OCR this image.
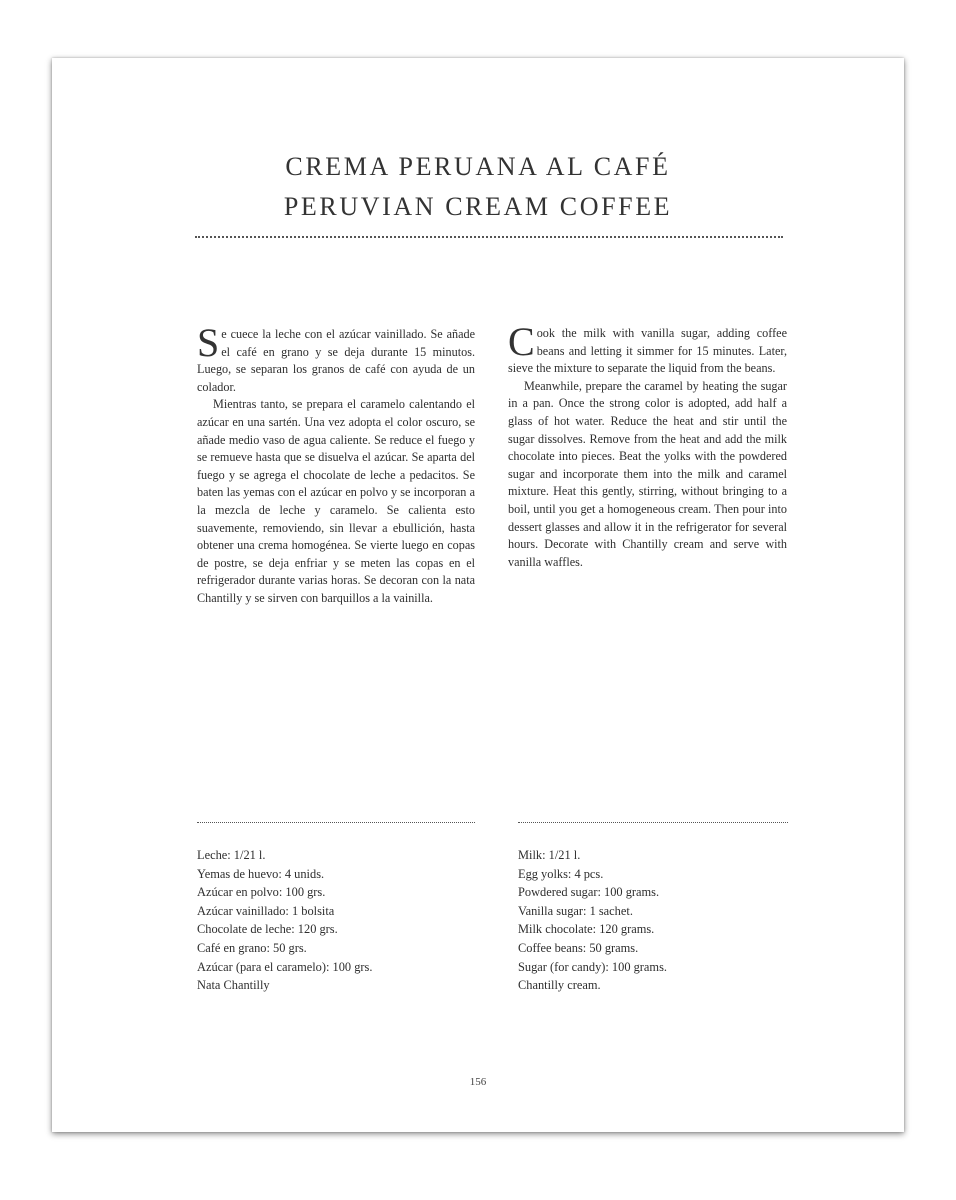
CREMA PERUANA AL CAFÉ
PERUVIAN CREAM COFFEE

Se cuece la leche con el azúcar vainillado. Se añade el café en grano y se deja durante 15 minutos. Luego, se separan los granos de café con ayuda de un colador.

Mientras tanto, se prepara el caramelo calentando el azúcar en una sartén. Una vez adopta el color oscuro, se añade medio vaso de agua caliente. Se reduce el fuego y se remueve hasta que se disuelva el azúcar. Se aparta del fuego y se agrega el chocolate de leche a pedacitos. Se baten las yemas con el azúcar en polvo y se incorporan a la mezcla de leche y caramelo. Se calienta esto suavemente, removiendo, sin llevar a ebullición, hasta obtener una crema homogénea. Se vierte luego en copas de postre, se deja enfriar y se meten las copas en el refrigerador durante varias horas. Se decoran con la nata Chantilly y se sirven con barquillos a la vainilla.

Cook the milk with vanilla sugar, adding coffee beans and letting it simmer for 15 minutes. Later, sieve the mixture to separate the liquid from the beans.

Meanwhile, prepare the caramel by heating the sugar in a pan. Once the strong color is adopted, add half a glass of hot water. Reduce the heat and stir until the sugar dissolves. Remove from the heat and add the milk chocolate into pieces. Beat the yolks with the powdered sugar and incorporate them into the milk and caramel mixture. Heat this gently, stirring, without bringing to a boil, until you get a homogeneous cream. Then pour into dessert glasses and allow it in the refrigerator for several hours. Decorate with Chantilly cream and serve with vanilla waffles.

Leche: 1/21 l.
Yemas de huevo: 4 unids.
Azúcar en polvo: 100 grs.
Azúcar vainillado: 1 bolsita
Chocolate de leche: 120 grs.
Café en grano: 50 grs.
Azúcar (para el caramelo): 100 grs.
Nata Chantilly
Milk: 1/21 l.
Egg yolks: 4 pcs.
Powdered sugar: 100 grams.
Vanilla sugar: 1 sachet.
Milk chocolate: 120 grams.
Coffee beans: 50 grams.
Sugar (for candy): 100 grams.
Chantilly cream.
156
